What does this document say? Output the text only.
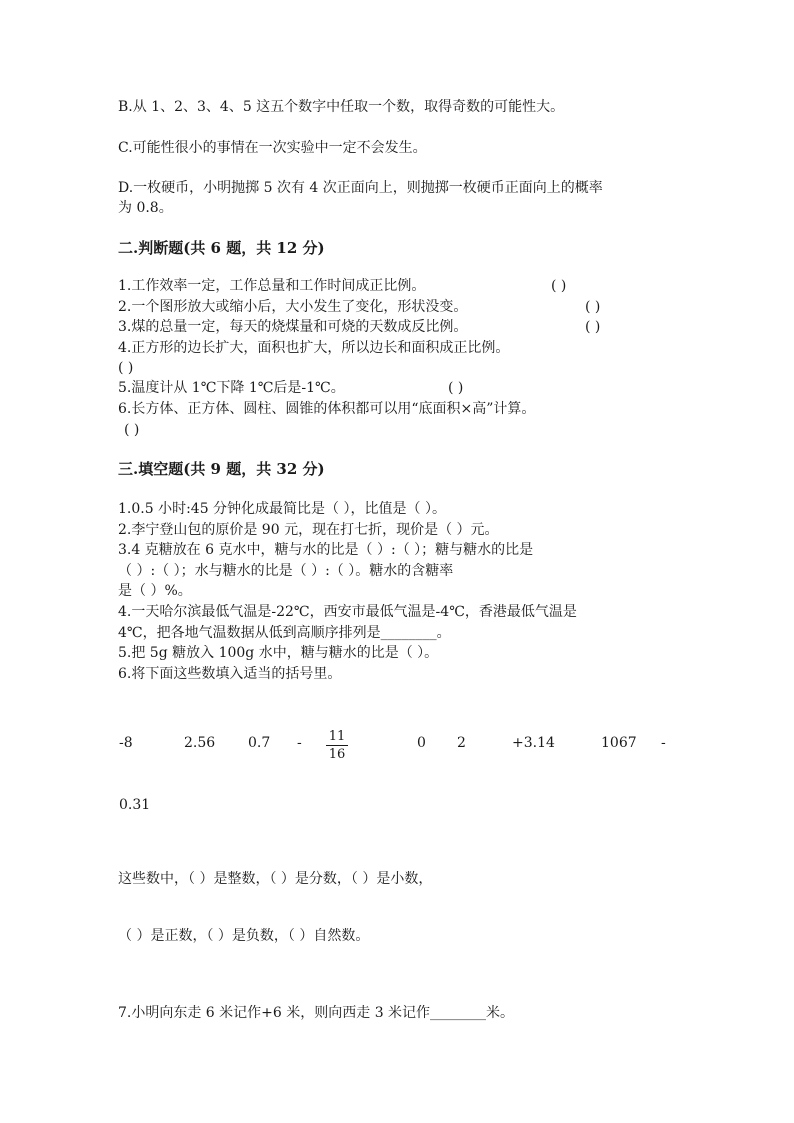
B.从 1、2、3、4、5 这五个数字中任取一个数，取得奇数的可能性大。
C.可能性很小的事情在一次实验中一定不会发生。
D.一枚硬币，小明抛掷 5 次有 4 次正面向上，则抛掷一枚硬币正面向上的概率
为 0.8。
二.判断题(共 6 题，共 12 分)
1.工作效率一定，工作总量和工作时间成正比例。	( )
2.一个图形放大或缩小后，大小发生了变化，形状没变。	( )
3.煤的总量一定，每天的烧煤量和可烧的天数成反比例。	( )
4.正方形的边长扩大，面积也扩大，所以边长和面积成正比例。
( )
5.温度计从 1℃下降 1℃后是-1℃。	( )
6.长方体、正方体、圆柱、圆锥的体积都可以用“底面积×高”计算。
( )
三.填空题(共 9 题，共 32 分)
1.0.5 小时:45 分钟化成最简比是（ ），比值是（ ）。
2.李宁登山包的原价是 90 元，现在打七折，现价是（ ）元。
3.4 克糖放在 6 克水中，糖与水的比是（ ）:（ ）；糖与糖水的比是
（ ）:（ ）；水与糖水的比是（ ）:（ ）。糖水的含糖率
是（ ）%。
4.一天哈尔滨最低气温是-22℃，西安市最低气温是-4℃，香港最低气温是
4℃，把各地气温数据从低到高顺序排列是________。
5.把 5g 糖放入 100g 水中，糖与糖水的比是（ ）。
6.将下面这些数填入适当的括号里。
-8	2.56 0.7 - 11
16
0 2	+3.14	1067 -
0.31
这些数中，（ ）是整数，（ ）是分数，（ ）是小数，
（ ）是正数，（ ）是负数，（ ）自然数。
7.小明向东走 6 米记作+6 米，则向西走 3 米记作________米。
